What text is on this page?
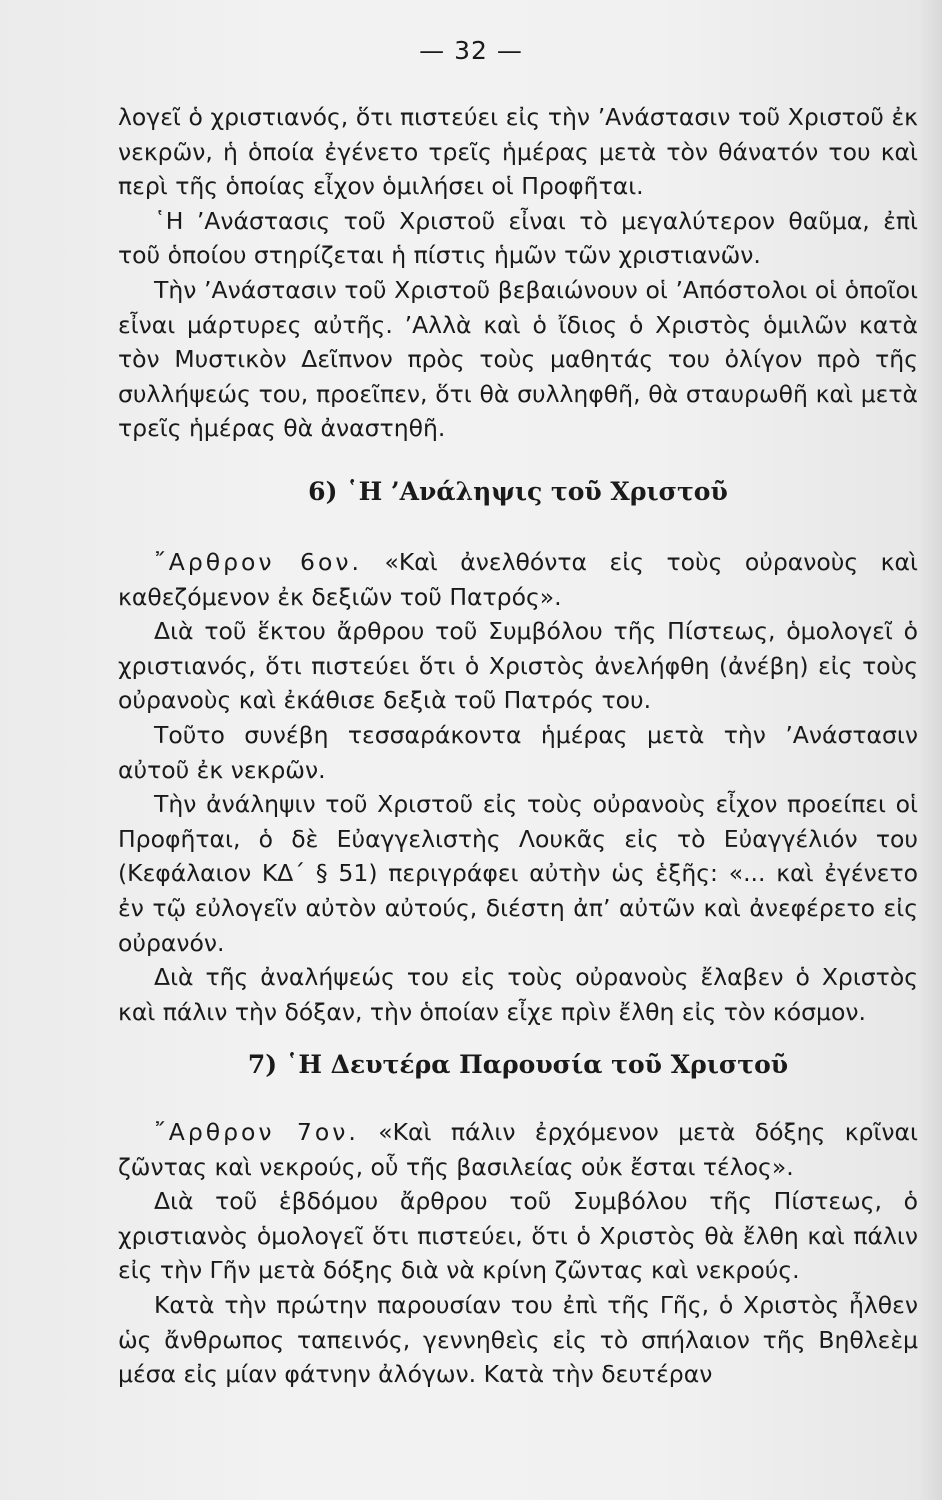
— 32 —

λογεῖ ὁ χριστιανός, ὅτι πιστεύει εἰς τὴν ’Ανάστασιν τοῦ Χριστοῦ ἐκ νεκρῶν, ἡ ὁποία ἐγένετο τρεῖς ἡμέρας μετὰ τὸν θάνατόν του καὶ περὶ τῆς ὁποίας εἶχον ὁμιλήσει οἱ Προφῆται.

῾Η ’Ανάστασις τοῦ Χριστοῦ εἶναι τὸ μεγαλύτερον θαῦμα, ἐπὶ τοῦ ὁποίου στηρίζεται ἡ πίστις ἡμῶν τῶν χριστιανῶν.

Τὴν ’Ανάστασιν τοῦ Χριστοῦ βεβαιώνουν οἱ ’Απόστολοι οἱ ὁποῖοι εἶναι μάρτυρες αὐτῆς. ’Αλλὰ καὶ ὁ ἴδιος ὁ Χριστὸς ὁμιλῶν κατὰ τὸν Μυστικὸν Δεῖπνον πρὸς τοὺς μαθητάς του ὀλίγον πρὸ τῆς συλλήψεώς του, προεῖπεν, ὅτι θὰ συλληφθῆ, θὰ σταυρωθῆ καὶ μετὰ τρεῖς ἡμέρας θὰ ἀναστηθῆ.

6) ῾Η ’Ανάληψις τοῦ Χριστοῦ

῎Αρθρον 6ον. «Καὶ ἀνελθόντα εἰς τοὺς οὐρανοὺς καὶ καθεζόμενον ἐκ δεξιῶν τοῦ Πατρός».

Διὰ τοῦ ἕκτου ἄρθρου τοῦ Συμβόλου τῆς Πίστεως, ὁμολογεῖ ὁ χριστιανός, ὅτι πιστεύει ὅτι ὁ Χριστὸς ἀνελήφθη (ἀνέβη) εἰς τοὺς οὐρανοὺς καὶ ἐκάθισε δεξιὰ τοῦ Πατρός του.

Τοῦτο συνέβη τεσσαράκοντα ἡμέρας μετὰ τὴν ’Ανάστασιν αὐτοῦ ἐκ νεκρῶν.

Τὴν ἀνάληψιν τοῦ Χριστοῦ εἰς τοὺς οὐρανοὺς εἶχον προείπει οἱ Προφῆται, ὁ δὲ Εὐαγγελιστὴς Λουκᾶς εἰς τὸ Εὐαγγέλιόν του (Κεφάλαιον ΚΔ΄ § 51) περιγράφει αὐτὴν ὡς ἑξῆς: «... καὶ ἐγένετο ἐν τῷ εὐλογεῖν αὐτὸν αὐτούς, διέστη ἀπ’ αὐτῶν καὶ ἀνεφέρετο εἰς οὐρανόν.

Διὰ τῆς ἀναλήψεώς του εἰς τοὺς οὐρανοὺς ἔλαβεν ὁ Χριστὸς καὶ πάλιν τὴν δόξαν, τὴν ὁποίαν εἶχε πρὶν ἔλθη εἰς τὸν κόσμον.

7) ῾Η Δευτέρα Παρουσία τοῦ Χριστοῦ

῎Αρθρον 7ον. «Καὶ πάλιν ἐρχόμενον μετὰ δόξης κρῖναι ζῶντας καὶ νεκρούς, οὗ τῆς βασιλείας οὐκ ἔσται τέλος».

Διὰ τοῦ ἑβδόμου ἄρθρου τοῦ Συμβόλου τῆς Πίστεως, ὁ χριστιανὸς ὁμολογεῖ ὅτι πιστεύει, ὅτι ὁ Χριστὸς θὰ ἔλθη καὶ πάλιν εἰς τὴν Γῆν μετὰ δόξης διὰ νὰ κρίνη ζῶντας καὶ νεκρούς.

Κατὰ τὴν πρώτην παρουσίαν του ἐπὶ τῆς Γῆς, ὁ Χριστὸς ἦλθεν ὡς ἄνθρωπος ταπεινός, γεννηθεὶς εἰς τὸ σπήλαιον τῆς Βηθλεὲμ μέσα εἰς μίαν φάτνην ἀλόγων. Κατὰ τὴν δευτέραν
